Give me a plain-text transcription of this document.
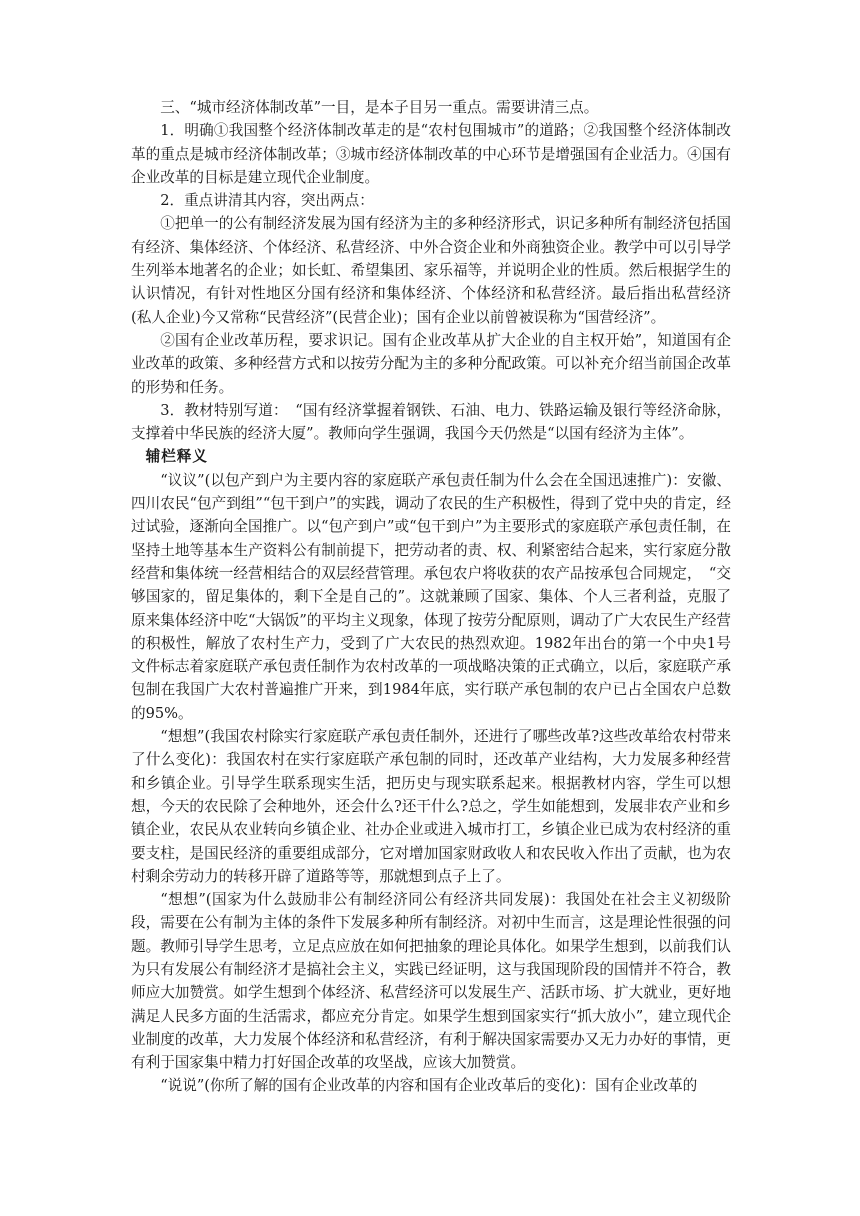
三、“城市经济体制改革”一目，是本子目另一重点。需要讲清三点。

1．明确①我国整个经济体制改革走的是“农村包围城市”的道路；②我国整个经济体制改革的重点是城市经济体制改革；③城市经济体制改革的中心环节是增强国有企业活力。④国有企业改革的目标是建立现代企业制度。

2．重点讲清其内容，突出两点：

①把单一的公有制经济发展为国有经济为主的多种经济形式，识记多种所有制经济包括国有经济、集体经济、个体经济、私营经济、中外合资企业和外商独资企业。教学中可以引导学生列举本地著名的企业；如长虹、希望集团、家乐福等，并说明企业的性质。然后根据学生的认识情况，有针对性地区分国有经济和集体经济、个体经济和私营经济。最后指出私营经济(私人企业)今又常称“民营经济”(民营企业)；国有企业以前曾被误称为“国营经济”。

②国有企业改革历程，要求识记。国有企业改革从扩大企业的自主权开始”，知道国有企业改革的政策、多种经营方式和以按劳分配为主的多种分配政策。可以补充介绍当前国企改革的形势和任务。

3．教材特别写道：　“国有经济掌握着钢铁、石油、电力、铁路运输及银行等经济命脉，支撑着中华民族的经济大厦”。教师向学生强调，我国今天仍然是“以国有经济为主体”。

辅栏释义

“议议”(以包产到户为主要内容的家庭联产承包责任制为什么会在全国迅速推广)：安徽、四川农民“包产到组”“包干到户”的实践，调动了农民的生产积极性，得到了党中央的肯定，经过试验，逐渐向全国推广。以“包产到户”或“包干到户”为主要形式的家庭联产承包责任制，在坚持土地等基本生产资料公有制前提下，把劳动者的责、权、利紧密结合起来，实行家庭分散经营和集体统一经营相结合的双层经营管理。承包农户将收获的农产品按承包合同规定，　“交够国家的，留足集体的，剩下全是自己的”。这就兼顾了国家、集体、个人三者利益，克服了原来集体经济中吃“大锅饭”的平均主义现象，体现了按劳分配原则，调动了广大农民生产经营的积极性，解放了农村生产力，受到了广大农民的热烈欢迎。1982年出台的第一个中央1号文件标志着家庭联产承包责任制作为农村改革的一项战略决策的正式确立，以后，家庭联产承包制在我国广大农村普遍推广开来，到1984年底，实行联产承包制的农户已占全国农户总数的95%。

“想想”(我国农村除实行家庭联产承包责任制外，还进行了哪些改革?这些改革给农村带来了什么变化)：我国农村在实行家庭联产承包制的同时，还改革产业结构，大力发展多种经营和乡镇企业。引导学生联系现实生活，把历史与现实联系起来。根据教材内容，学生可以想想，今天的农民除了会种地外，还会什么?还干什么?总之，学生如能想到，发展非农产业和乡镇企业，农民从农业转向乡镇企业、社办企业或进入城市打工，乡镇企业已成为农村经济的重要支柱，是国民经济的重要组成部分，它对增加国家财政收人和农民收入作出了贡献，也为农村剩余劳动力的转移开辟了道路等等，那就想到点子上了。

“想想”(国家为什么鼓励非公有制经济同公有经济共同发展)：我国处在社会主义初级阶段，需要在公有制为主体的条件下发展多种所有制经济。对初中生而言，这是理论性很强的问题。教师引导学生思考，立足点应放在如何把抽象的理论具体化。如果学生想到，以前我们认为只有发展公有制经济才是搞社会主义，实践已经证明，这与我国现阶段的国情并不符合，教师应大加赞赏。如学生想到个体经济、私营经济可以发展生产、活跃市场、扩大就业，更好地满足人民多方面的生活需求，都应充分肯定。如果学生想到国家实行“抓大放小”，建立现代企业制度的改革，大力发展个体经济和私营经济，有利于解决国家需要办又无力办好的事情，更有利于国家集中精力打好国企改革的攻坚战，应该大加赞赏。

“说说”(你所了解的国有企业改革的内容和国有企业改革后的变化)：国有企业改革的
